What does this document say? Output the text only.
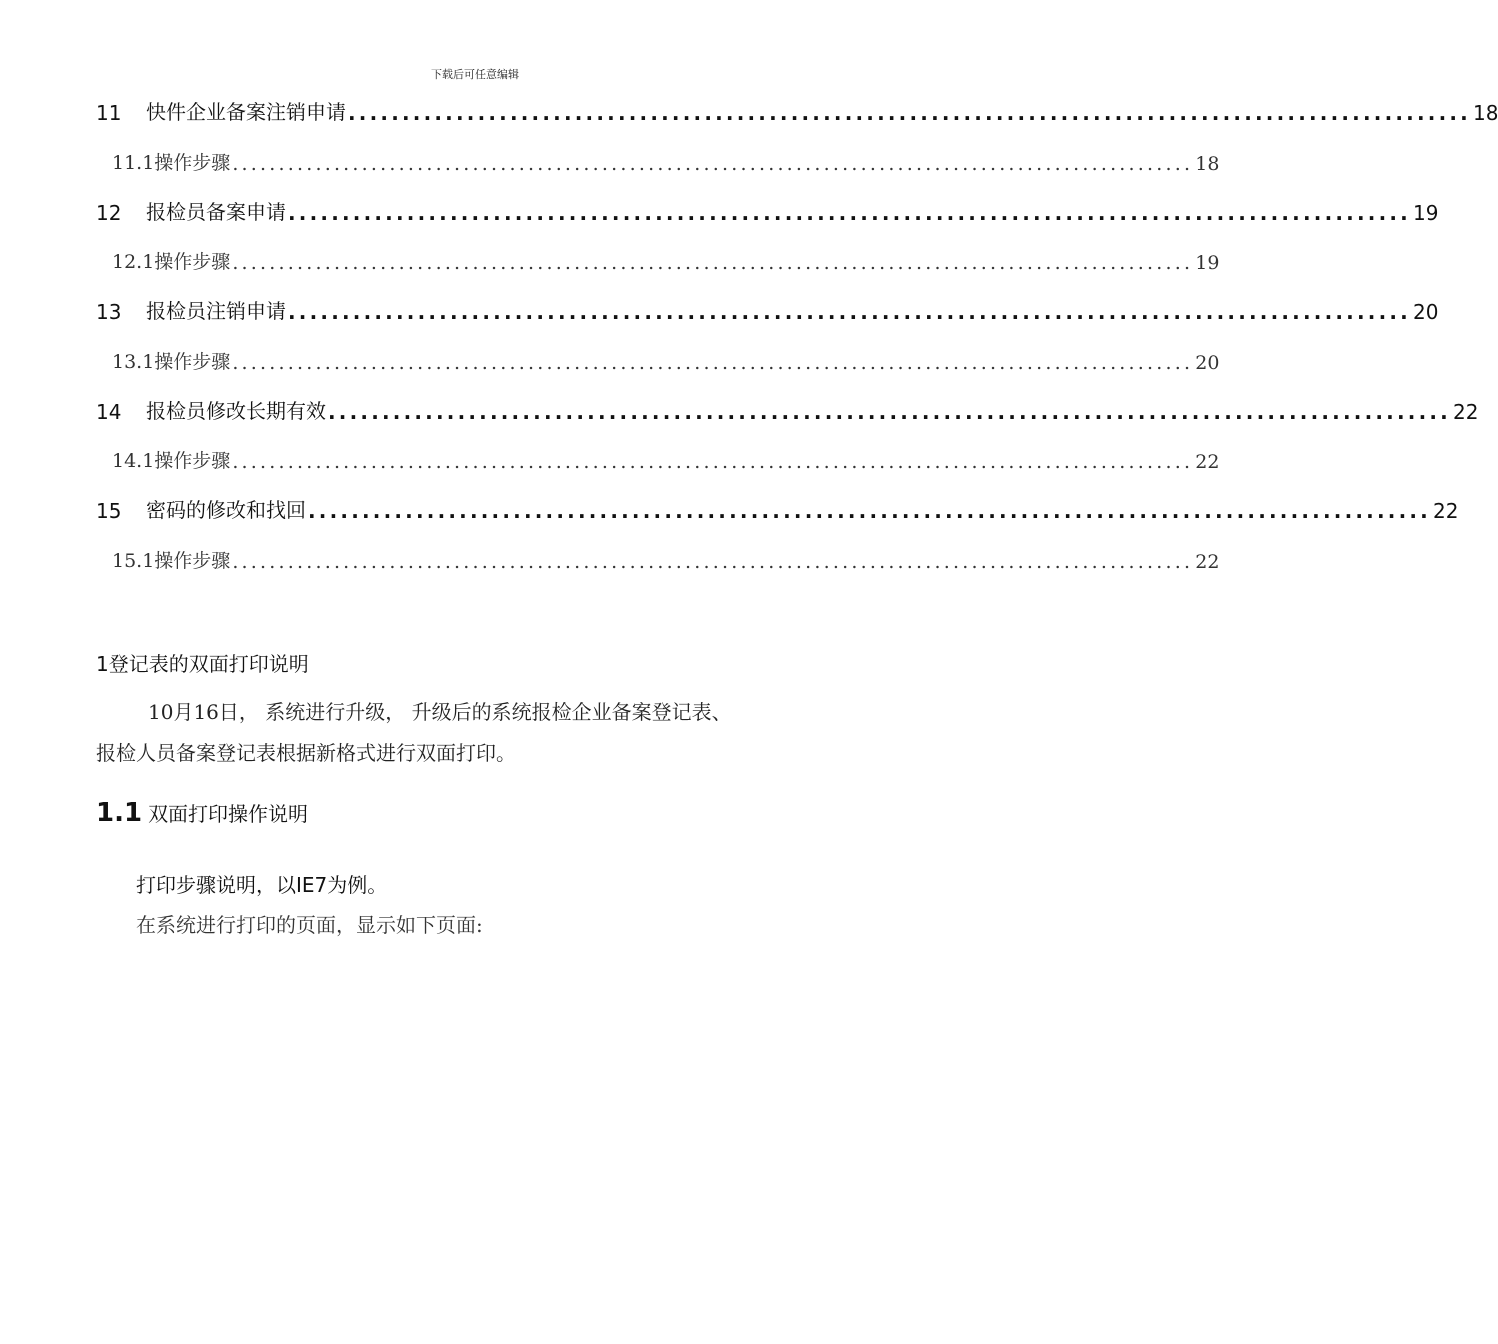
下载后可任意编辑
11	快件企业备案注销申请 ........................................................................................................ 18
11.1操作步骤 ........................................................................................................ 18
12	报检员备案申请 ........................................................................................................ 19
12.1操作步骤 ........................................................................................................ 19
13	报检员注销申请 ........................................................................................................ 20
13.1操作步骤 ........................................................................................................ 20
14	报检员修改长期有效 ........................................................................................................ 22
14.1操作步骤 ........................................................................................................ 22
15	密码的修改和找回 ........................................................................................................ 22
15.1操作步骤 ........................................................................................................ 22
1登记表的双面打印说明
10月16日， 系统进行升级， 升级后的系统报检企业备案登记表、
报检人员备案登记表根据新格式进行双面打印。
1.1 双面打印操作说明
打印步骤说明，以IE7为例。
在系统进行打印的页面，显示如下页面:
